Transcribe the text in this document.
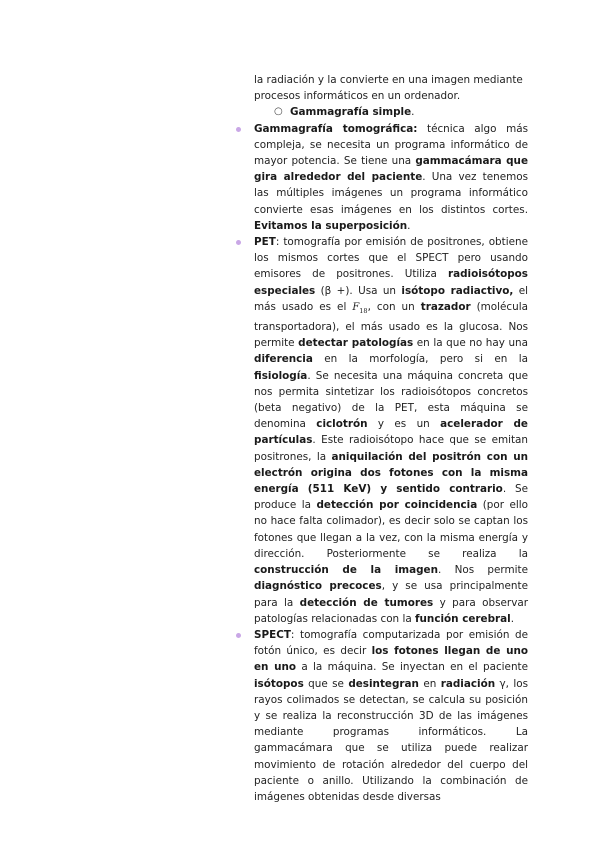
la radiación y la convierte en una imagen mediante
procesos informáticos en un ordenador.

○ Gammagrafía simple.

Gammagrafía tomográfica: técnica algo más compleja, se necesita un programa informático de mayor potencia. Se tiene una gammacámara que gira alrededor del paciente. Una vez tenemos las múltiples imágenes un programa informático convierte esas imágenes en los distintos cortes. Evitamos la superposición.

PET: tomografía por emisión de positrones, obtiene los mismos cortes que el SPECT pero usando emisores de positrones. Utiliza radioisótopos especiales (β +). Usa un isótopo radiactivo, el más usado es el $F_{18}$, con un trazador (molécula transportadora), el más usado es la glucosa. Nos permite detectar patologías en la que no hay una diferencia en la morfología, pero si en la fisiología. Se necesita una máquina concreta que nos permita sintetizar los radioisótopos concretos (beta negativo) de la PET, esta máquina se denomina ciclotrón y es un acelerador de partículas. Este radioisótopo hace que se emitan positrones, la aniquilación del positrón con un electrón origina dos fotones con la misma energía (511 KeV) y sentido contrario. Se produce la detección por coincidencia (por ello no hace falta colimador), es decir solo se captan los fotones que llegan a la vez, con la misma energía y dirección. Posteriormente se realiza la construcción de la imagen. Nos permite diagnóstico precoces, y se usa principalmente para la detección de tumores y para observar patologías relacionadas con la función cerebral.

SPECT: tomografía computarizada por emisión de fotón único, es decir los fotones llegan de uno en uno a la máquina. Se inyectan en el paciente isótopos que se desintegran en radiación γ, los rayos colimados se detectan, se calcula su posición y se realiza la reconstrucción 3D de las imágenes mediante programas informáticos. La gammacámara que se utiliza puede realizar movimiento de rotación alrededor del cuerpo del paciente o anillo. Utilizando la combinación de imágenes obtenidas desde diversas
